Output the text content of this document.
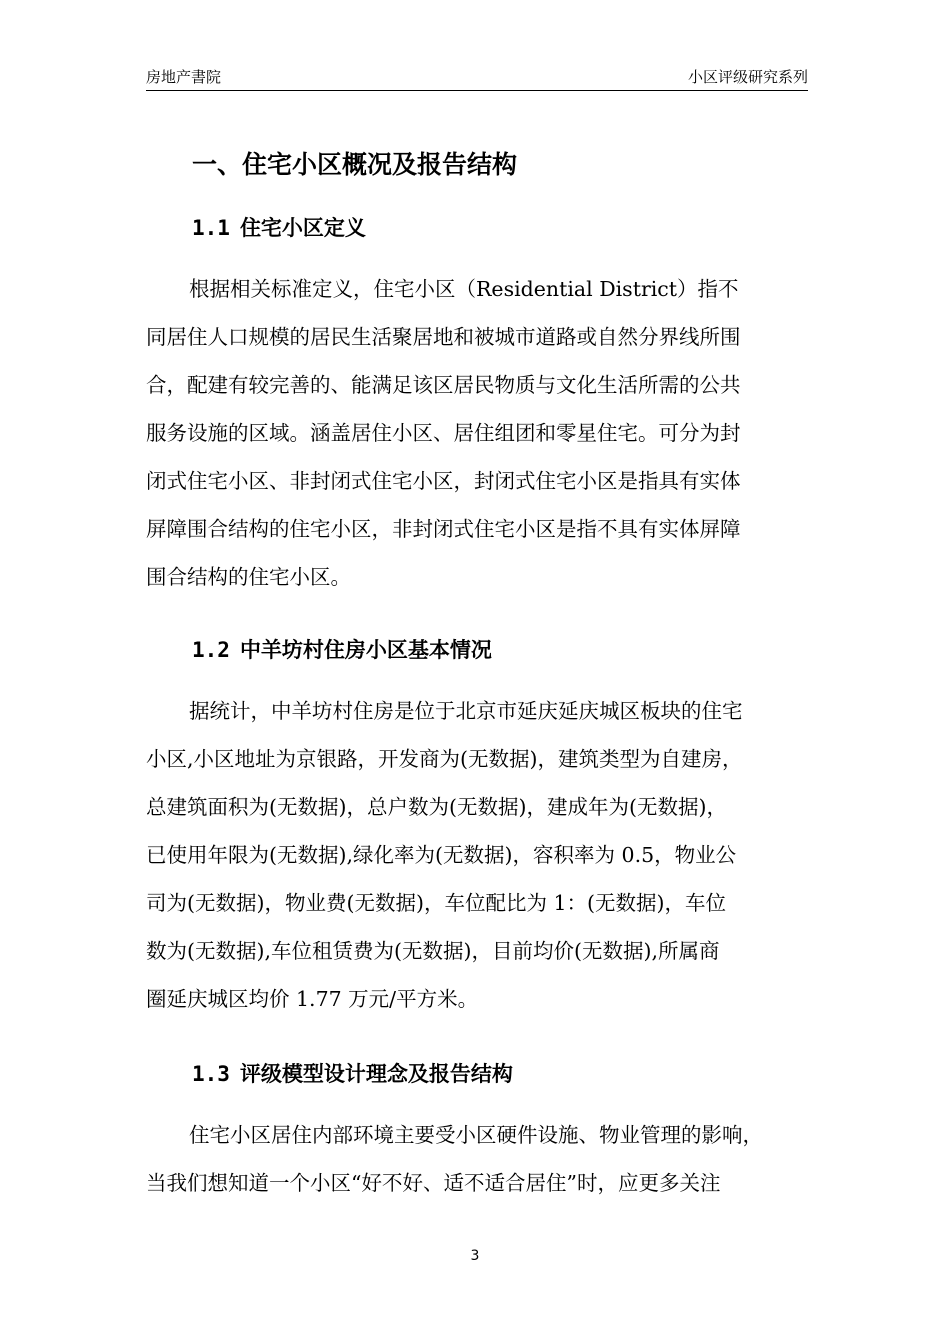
房地产書院	小区评级研究系列
一、住宅小区概况及报告结构
1.1 住宅小区定义
根据相关标准定义，住宅小区（Residential District）指不
同居住人口规模的居民生活聚居地和被城市道路或自然分界线所围
合，配建有较完善的、能满足该区居民物质与文化生活所需的公共
服务设施的区域。涵盖居住小区、居住组团和零星住宅。可分为封
闭式住宅小区、非封闭式住宅小区，封闭式住宅小区是指具有实体
屏障围合结构的住宅小区，非封闭式住宅小区是指不具有实体屏障
围合结构的住宅小区。
1.2 中羊坊村住房小区基本情况
据统计，中羊坊村住房是位于北京市延庆延庆城区板块的住宅
小区,小区地址为京银路，开发商为(无数据)，建筑类型为自建房，
总建筑面积为(无数据)，总户数为(无数据)，建成年为(无数据)，
已使用年限为(无数据),绿化率为(无数据)，容积率为 0.5，物业公
司为(无数据)，物业费(无数据)，车位配比为 1：(无数据)，车位
数为(无数据),车位租赁费为(无数据)，目前均价(无数据),所属商
圈延庆城区均价 1.77 万元/平方米。
1.3 评级模型设计理念及报告结构
住宅小区居住内部环境主要受小区硬件设施、物业管理的影响，
当我们想知道一个小区“好不好、适不适合居住”时，应更多关注
3
